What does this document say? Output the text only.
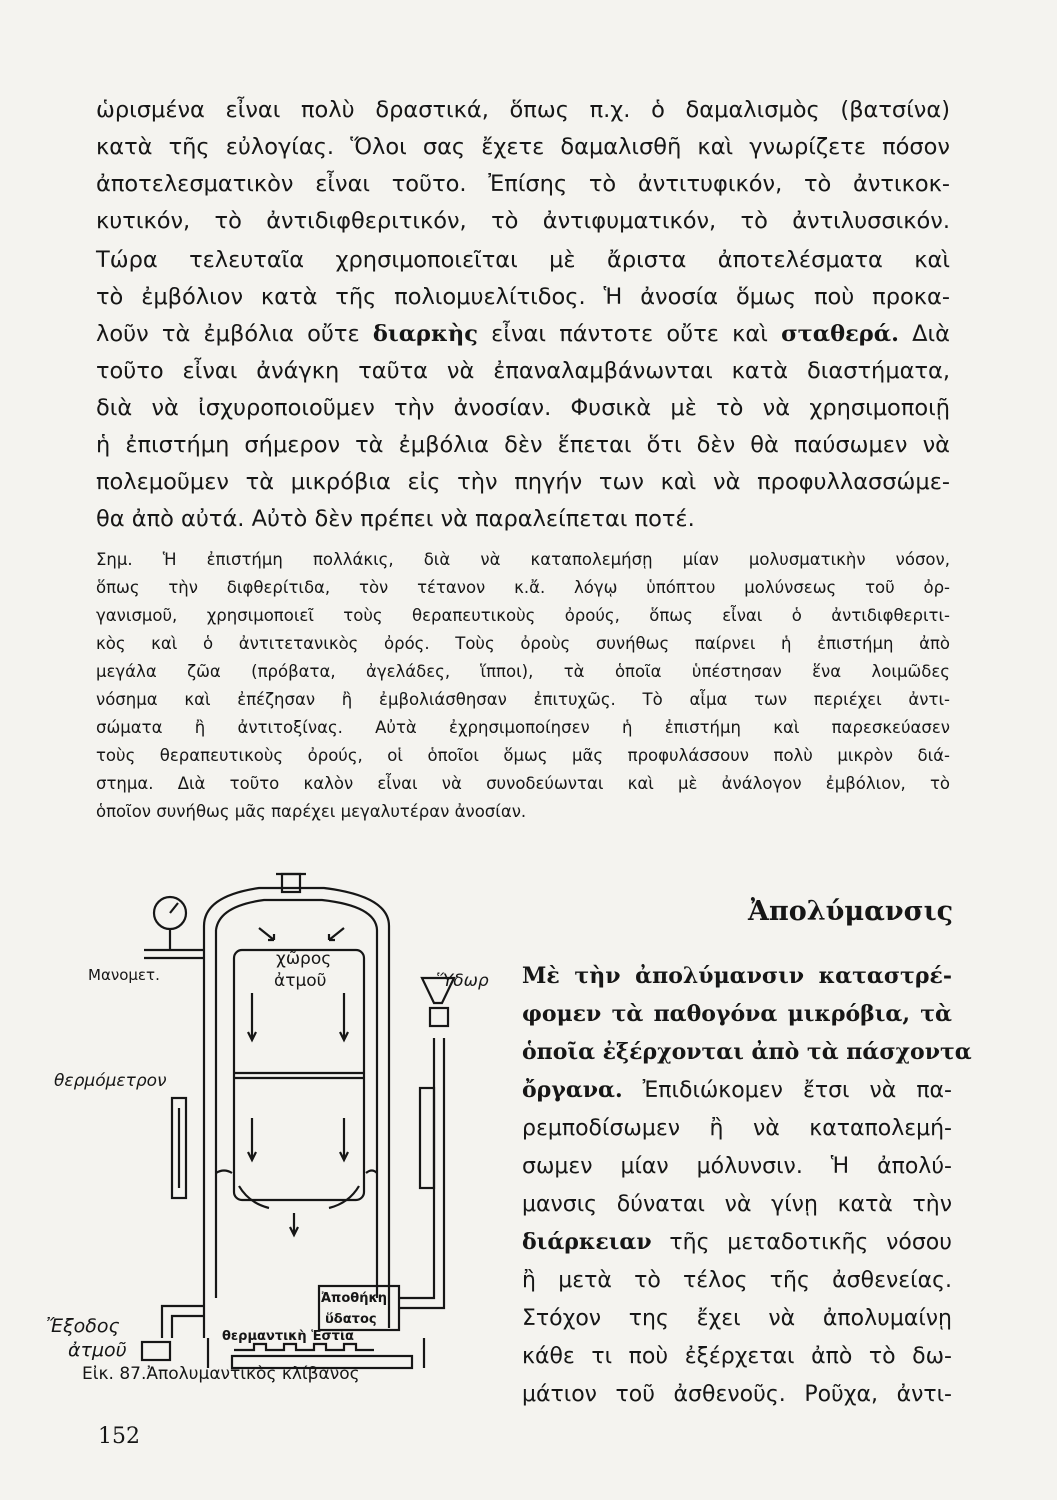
ὡρισμένα εἶναι πολὺ δραστικά, ὅπως π.χ. ὁ δαμαλισμὸς (βατσίνα)
κατὰ τῆς εὐλογίας. Ὅλοι σας ἔχετε δαμαλισθῆ καὶ γνωρίζετε πόσον
ἀποτελεσματικὸν εἶναι τοῦτο. Ἐπίσης τὸ ἀντιτυφικόν, τὸ ἀντικοκ-
κυτικόν, τὸ ἀντιδιφθεριτικόν, τὸ ἀντιφυματικόν, τὸ ἀντιλυσσικόν.
Τώρα τελευταῖα χρησιμοποιεῖται μὲ ἄριστα ἀποτελέσματα καὶ
τὸ ἐμβόλιον κατὰ τῆς πολιομυελίτιδος. Ἡ ἀνοσία ὅμως ποὺ προκα-
λοῦν τὰ ἐμβόλια οὔτε διαρκὴς εἶναι πάντοτε οὔτε καὶ σταθερά. Διὰ
τοῦτο εἶναι ἀνάγκη ταῦτα νὰ ἐπαναλαμβάνωνται κατὰ διαστήματα,
διὰ νὰ ἰσχυροποιοῦμεν τὴν ἀνοσίαν. Φυσικὰ μὲ τὸ νὰ χρησιμοποιῇ
ἡ ἐπιστήμη σήμερον τὰ ἐμβόλια δὲν ἕπεται ὅτι δὲν θὰ παύσωμεν νὰ
πολεμοῦμεν τὰ μικρόβια εἰς τὴν πηγήν των καὶ νὰ προφυλλασσώμε-
θα ἀπὸ αὐτά. Αὐτὸ δὲν πρέπει νὰ παραλείπεται ποτέ.
Σημ. Ἡ ἐπιστήμη πολλάκις, διὰ νὰ καταπολεμήσῃ μίαν μολυσματικὴν νόσον,
ὅπως τὴν διφθερίτιδα, τὸν τέτανον κ.ἄ. λόγῳ ὑπόπτου μολύνσεως τοῦ ὀρ-
γανισμοῦ, χρησιμοποιεῖ τοὺς θεραπευτικοὺς ὀρούς, ὅπως εἶναι ὁ ἀντιδιφθεριτι-
κὸς καὶ ὁ ἀντιτετανικὸς ὀρός. Τοὺς ὀροὺς συνήθως παίρνει ἡ ἐπιστήμη ἀπὸ
μεγάλα ζῶα (πρόβατα, ἀγελάδες, ἵπποι), τὰ ὁποῖα ὑπέστησαν ἕνα λοιμῶδες
νόσημα καὶ ἐπέζησαν ἢ ἐμβολιάσθησαν ἐπιτυχῶς. Τὸ αἷμα των περιέχει ἀντι-
σώματα ἢ ἀντιτοξίνας. Αὐτὰ ἐχρησιμοποίησεν ἡ ἐπιστήμη καὶ παρεσκεύασεν
τοὺς θεραπευτικοὺς ὀρούς, οἱ ὁποῖοι ὅμως μᾶς προφυλάσσουν πολὺ μικρὸν διά-
στημα. Διὰ τοῦτο καλὸν εἶναι νὰ συνοδεύωνται καὶ μὲ ἀνάλογον ἐμβόλιον, τὸ
ὁποῖον συνήθως μᾶς παρέχει μεγαλυτέραν ἀνοσίαν.
Ἀπολύμανσις
Μὲ τὴν ἀπολύμανσιν καταστρέ-
φομεν τὰ παθογόνα μικρόβια, τὰ
ὁποῖα ἐξέρχονται ἀπὸ τὰ πάσχοντα
ὄργανα. Ἐπιδιώκομεν ἔτσι νὰ πα-
ρεμποδίσωμεν ἢ νὰ καταπολεμή-
σωμεν μίαν μόλυνσιν. Ἡ ἀπολύ-
μανσις δύναται νὰ γίνῃ κατὰ τὴν
διάρκειαν τῆς μεταδοτικῆς νόσου
ἢ μετὰ τὸ τέλος τῆς ἀσθενείας.
Στόχον της ἔχει νὰ ἀπολυμαίνῃ
κάθε τι ποὺ ἐξέρχεται ἀπὸ τὸ δω-
μάτιον τοῦ ἀσθενοῦς. Ροῦχα, ἀντι-
Μανομετ.
θερμόμετρον
χῶρος
ἀτμοῦ	Ὕδωρ
Ἀποθήκη
ὕδατος
θερμαντικὴ Ἑστία
Ἔξοδος
ἀτμοῦ
Εἰκ. 87.Ἀπολυμαντικὸς κλίβανος
152
